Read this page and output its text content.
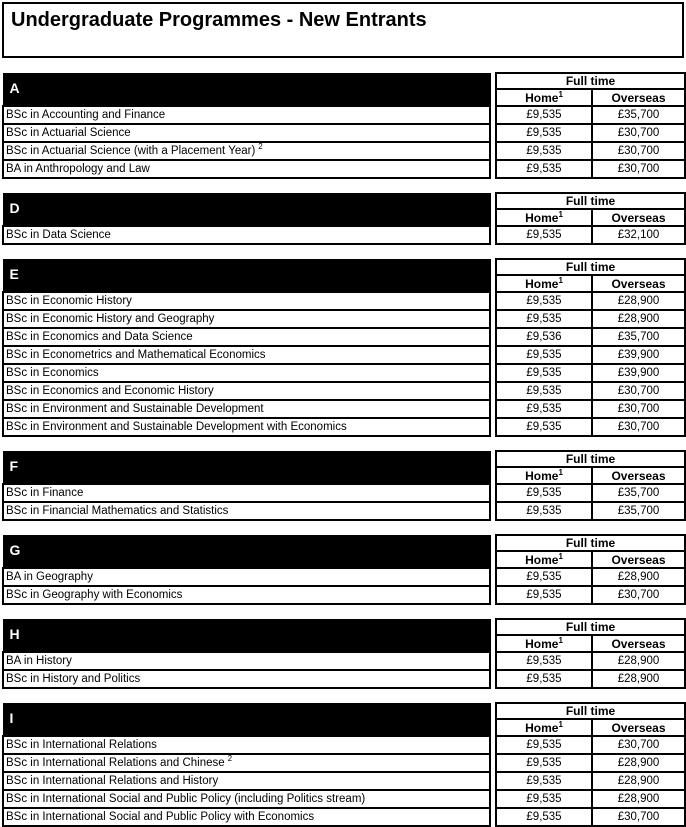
Undergraduate Programmes - New Entrants
A		Full time	
		Home$^1$	Overseas
BSc in Accounting and Finance		£9,535	£35,700
BSc in Actuarial Science		£9,535	£30,700
BSc in Actuarial Science (with a Placement Year) $^2$		£9,535	£30,700
BA in Anthropology and Law		£9,535	£30,700
D		Full time	
		Home$^1$	Overseas
BSc in Data Science		£9,535	£32,100
E		Full time	
		Home$^1$	Overseas
BSc in Economic History		£9,535	£28,900
BSc in Economic History and Geography		£9,535	£28,900
BSc in Economics and Data Science		£9,536	£35,700
BSc in Econometrics and Mathematical Economics		£9,535	£39,900
BSc in Economics		£9,535	£39,900
BSc in Economics and Economic History		£9,535	£30,700
BSc in Environment and Sustainable Development		£9,535	£30,700
BSc in Environment and Sustainable Development with Economics		£9,535	£30,700
F		Full time	
		Home$^1$	Overseas
BSc in Finance		£9,535	£35,700
BSc in Financial Mathematics and Statistics		£9,535	£35,700
G		Full time	
		Home$^1$	Overseas
BA in Geography		£9,535	£28,900
BSc in Geography with Economics		£9,535	£30,700
H		Full time	
		Home$^1$	Overseas
BA in History		£9,535	£28,900
BSc in History and Politics		£9,535	£28,900
I		Full time	
		Home$^1$	Overseas
BSc in International Relations		£9,535	£30,700
BSc in International Relations and Chinese $^2$		£9,535	£28,900
BSc in International Relations and History		£9,535	£28,900
BSc in International Social and Public Policy (including Politics stream)		£9,535	£28,900
BSc in International Social and Public Policy with Economics		£9,535	£30,700
